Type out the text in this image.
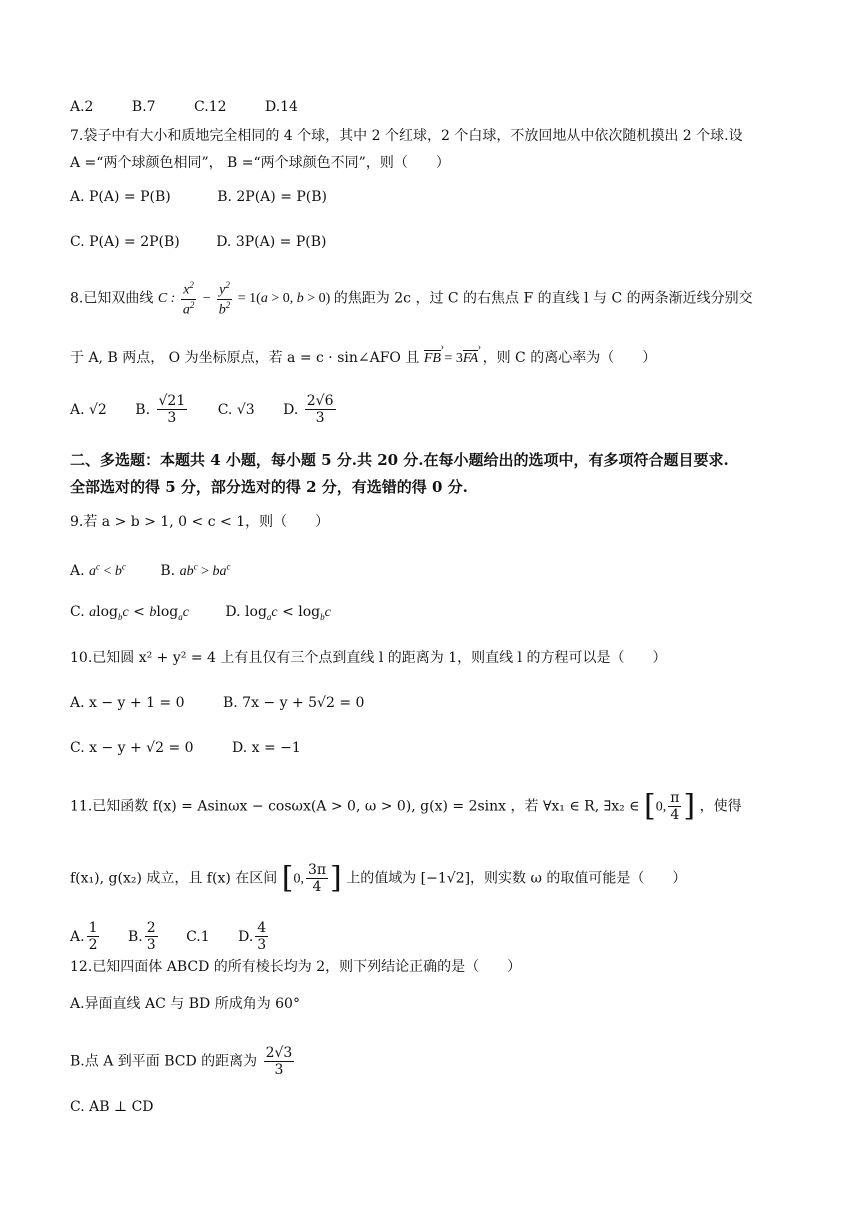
A.2	B.7	C.12	D.14
7.袋子中有大小和质地完全相同的 4 个球，其中 2 个红球，2 个白球，不放回地从中依次随机摸出 2 个球.设
A =“两个球颜色相同”， B =“两个球颜色不同”，则（　　）
A. P(A) = P(B)	B. 2P(A) = P(B)
C. P(A) = 2P(B)	D. 3P(A) = P(B)
8.已知双曲线 C : $\frac{x^2}{a^2} - \frac{y^2}{b^2} = 1(a > 0$, b > 0) 的焦距为 2c ，过 C 的右焦点 F 的直线 l 与 C 的两条渐近线分别交
于 A, B 两点， O 为坐标原点，若 a = c · sin∠AFO 且 FB › = 3FA › ，则 C 的离心率为（　　）
A. √2 B. $\frac{√21}{3} C$. √3 D. $\frac{2√6}{3}$
二、多选题：本题共 4 小题，每小题 5 分.共 20 分.在每小题给出的选项中，有多项符合题目要求.
全部选对的得 5 分，部分选对的得 2 分，有选错的得 0 分.
9.若 a > b > 1, 0 < c < 1，则（　　）
A. $a^c < b^c$ B. $ab^c > ba^c$
C. alog$_b$c < blog$_a$c	D. $\log_ac < \log_bc$
10.已知圆 x² + y² = 4 上有且仅有三个点到直线 l 的距离为 1，则直线 l 的方程可以是（　　）
A. x − y + 1 = 0	B. 7x − y + 5√2 = 0
C. x − y + √2 = 0	D. x = −1
11.已知函数 f(x) = Asinωx − cosωx(A > 0, ω > 0), g(x) = 2sinx ，若 ∀x₁ ∈ R, ∃x₂ ∈ [0, $\frac{\pi}{4}$ ] ，使得
f(x₁), g(x₂) 成立，且 f(x) 在区间 [0, $\frac{3\pi}{4}$ ] 上的值域为 [−1√2]，则实数 ω 的取值可能是（　　）
A. $\frac{1}{2} B$. $\frac{2}{3} C.1$ D. $\frac{4}{3}$
12.已知四面体 ABCD 的所有棱长均为 2，则下列结论正确的是（　　）
A.异面直线 AC 与 BD 所成角为 60°
B.点 A 到平面 BCD 的距离为 $\frac{2√3}{3}$
C. AB ⊥ CD
